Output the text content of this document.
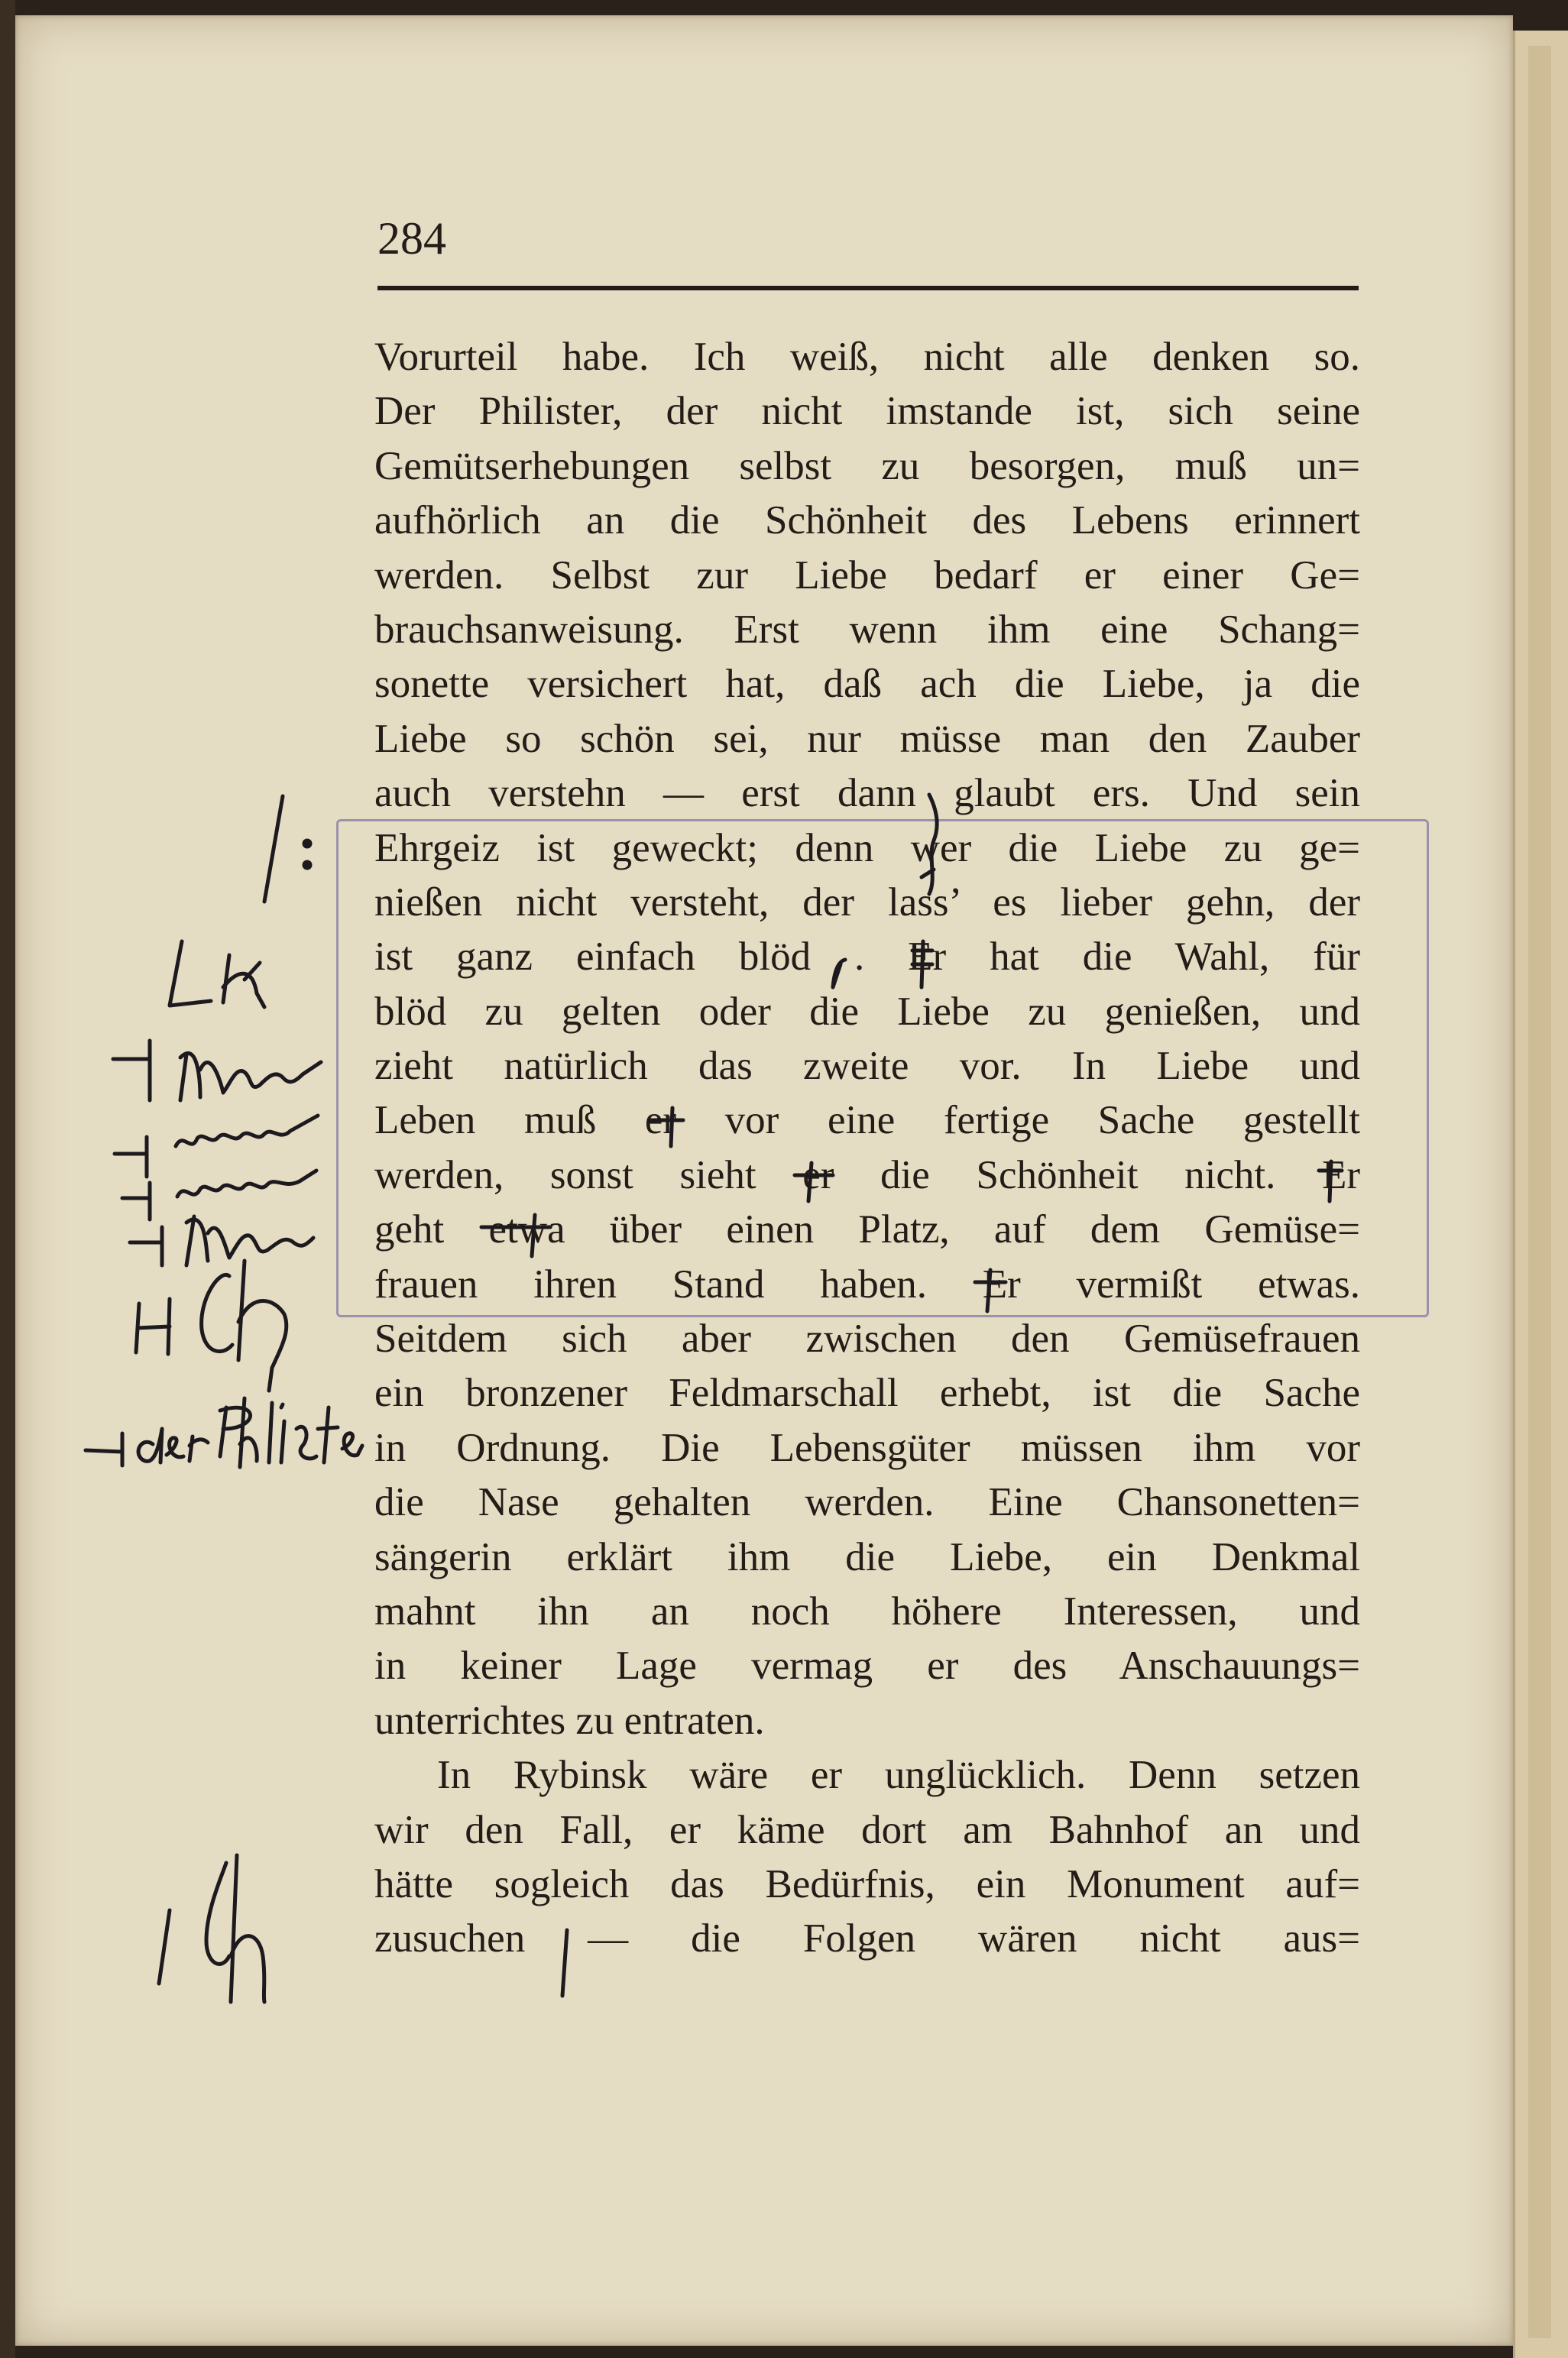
284
Vorurteil habe. Ich weiß, nicht alle denken so.
Der Philister, der nicht imstande ist, sich seine
Gemütserhebungen selbst zu besorgen, muß un=
aufhörlich an die Schönheit des Lebens erinnert
werden. Selbst zur Liebe bedarf er einer Ge=
brauchsanweisung. Erst wenn ihm eine Schang=
sonette versichert hat, daß ach die Liebe, ja die
Liebe so schön sei, nur müsse man den Zauber
auch verstehn — erst dann glaubt ers. Und sein
Ehrgeiz ist geweckt; denn wer die Liebe zu ge=
nießen nicht versteht, der lass’ es lieber gehn, der
ist ganz einfach blöd . Er hat die Wahl, für
blöd zu gelten oder die Liebe zu genießen, und
zieht natürlich das zweite vor. In Liebe und
Leben muß er vor eine fertige Sache gestellt
werden, sonst sieht er die Schönheit nicht. Er
geht etwa über einen Platz, auf dem Gemüse=
frauen ihren Stand haben. Er vermißt etwas.
Seitdem sich aber zwischen den Gemüsefrauen
ein bronzener Feldmarschall erhebt, ist die Sache
in Ordnung. Die Lebensgüter müssen ihm vor
die Nase gehalten werden. Eine Chansonetten=
sängerin erklärt ihm die Liebe, ein Denkmal
mahnt ihn an noch höhere Interessen, und
in keiner Lage vermag er des Anschauungs=
unterrichtes zu entraten.
In Rybinsk wäre er unglücklich. Denn setzen
wir den Fall, er käme dort am Bahnhof an und
hätte sogleich das Bedürfnis, ein Monument auf=
zusuchen — die Folgen wären nicht aus=
